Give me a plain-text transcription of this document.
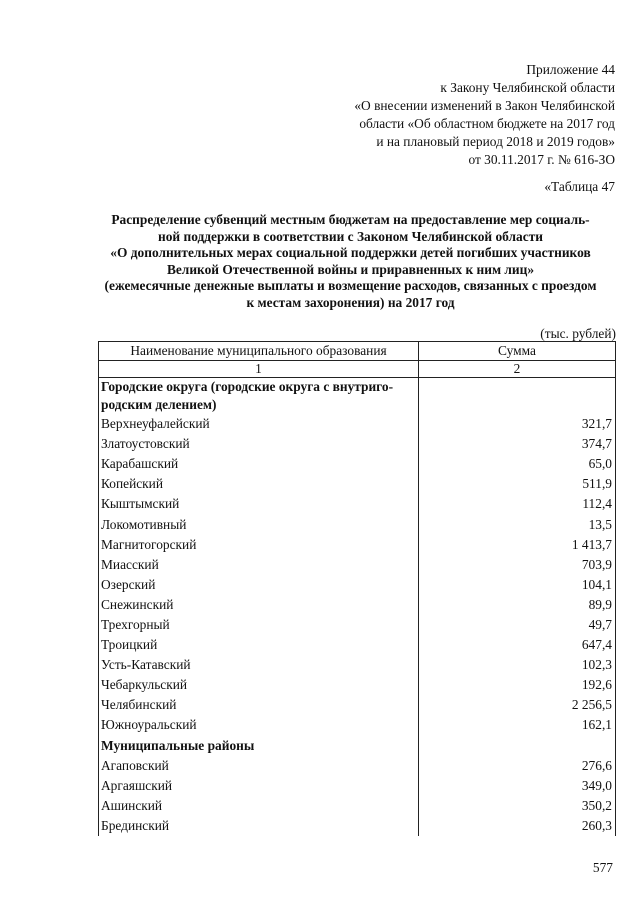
Приложение 44
к Закону Челябинской области
«О внесении изменений в Закон Челябинской
области «Об областном бюджете на 2017 год
и на плановый период 2018 и 2019 годов»
от 30.11.2017 г. № 616-ЗО
«Таблица 47
Распределение субвенций местным бюджетам на предоставление мер социаль-
ной поддержки в соответствии с Законом Челябинской области
«О дополнительных мерах социальной поддержки детей погибших участников
Великой Отечественной войны и приравненных к ним лиц»
(ежемесячные денежные выплаты и возмещение расходов, связанных с проездом
к местам захоронения) на 2017 год
(тыс. рублей)
Наименование муниципального образования	Сумма
1	2
Городские округа (городские округа с внутриго-родским делением)	
Верхнеуфалейский	321,7
Златоустовский	374,7
Карабашский	65,0
Копейский	511,9
Кыштымский	112,4
Локомотивный	13,5
Магнитогорский	1 413,7
Миасский	703,9
Озерский	104,1
Снежинский	89,9
Трехгорный	49,7
Троицкий	647,4
Усть-Катавский	102,3
Чебаркульский	192,6
Челябинский	2 256,5
Южноуральский	162,1
Муниципальные районы	
Агаповский	276,6
Аргаяшский	349,0
Ашинский	350,2
Брединский	260,3
577
